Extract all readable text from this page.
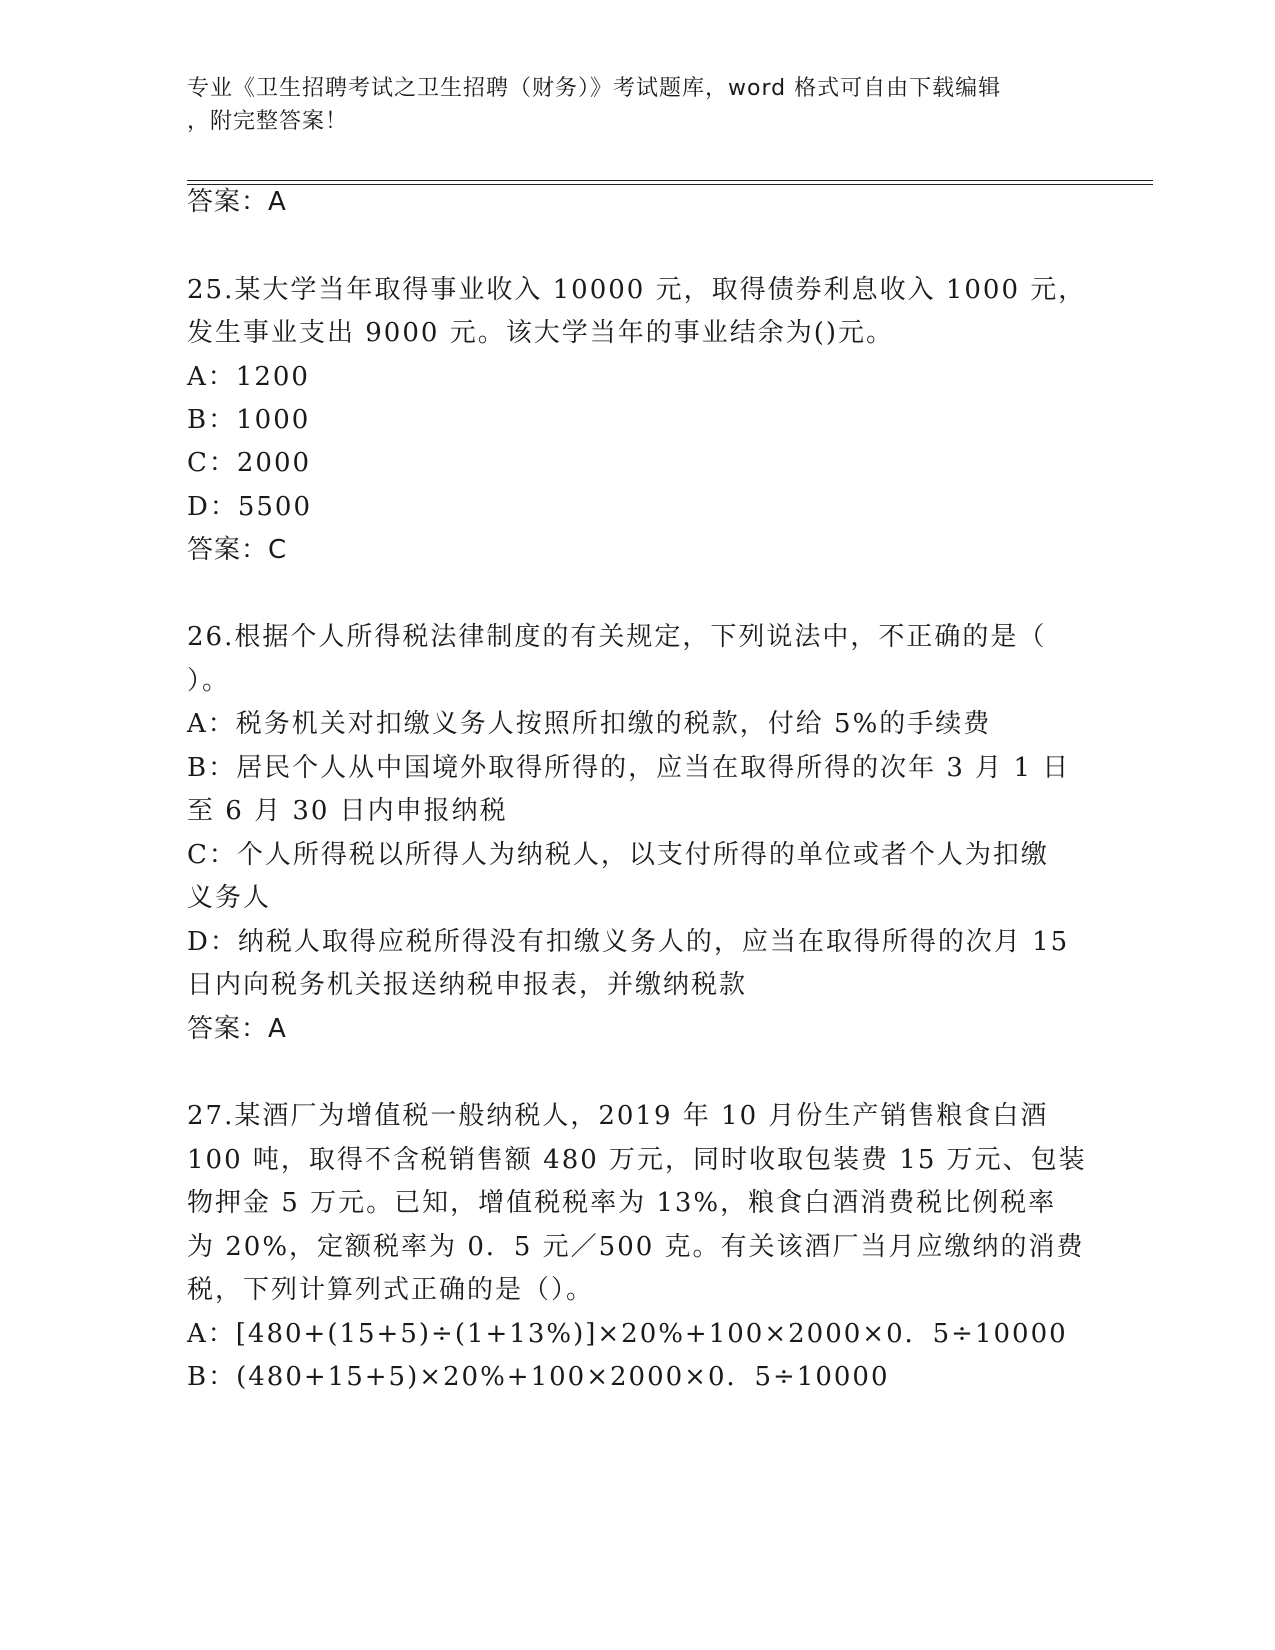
专业《卫生招聘考试之卫生招聘（财务）》考试题库，word 格式可自由下载编辑
，附完整答案！
答案：A
25.某大学当年取得事业收入 10000 元，取得债券利息收入 1000 元，
发生事业支出 9000 元。该大学当年的事业结余为()元。
A：1200
B：1000
C：2000
D：5500
答案：C
26.根据个人所得税法律制度的有关规定，下列说法中，不正确的是（
）。
A：税务机关对扣缴义务人按照所扣缴的税款，付给 5%的手续费
B：居民个人从中国境外取得所得的，应当在取得所得的次年 3 月 1 日
至 6 月 30 日内申报纳税
C：个人所得税以所得人为纳税人，以支付所得的单位或者个人为扣缴
义务人
D：纳税人取得应税所得没有扣缴义务人的，应当在取得所得的次月 15
日内向税务机关报送纳税申报表，并缴纳税款
答案：A
27.某酒厂为增值税一般纳税人，2019 年 10 月份生产销售粮食白酒
100 吨，取得不含税销售额 480 万元，同时收取包装费 15 万元、包装
物押金 5 万元。已知，增值税税率为 13%，粮食白酒消费税比例税率
为 20%，定额税率为 0．5 元／500 克。有关该酒厂当月应缴纳的消费
税，下列计算列式正确的是（）。
A：[480+(15+5)÷(1+13%)]×20%+100×2000×0．5÷10000
B：(480+15+5)×20%+100×2000×0．5÷10000
